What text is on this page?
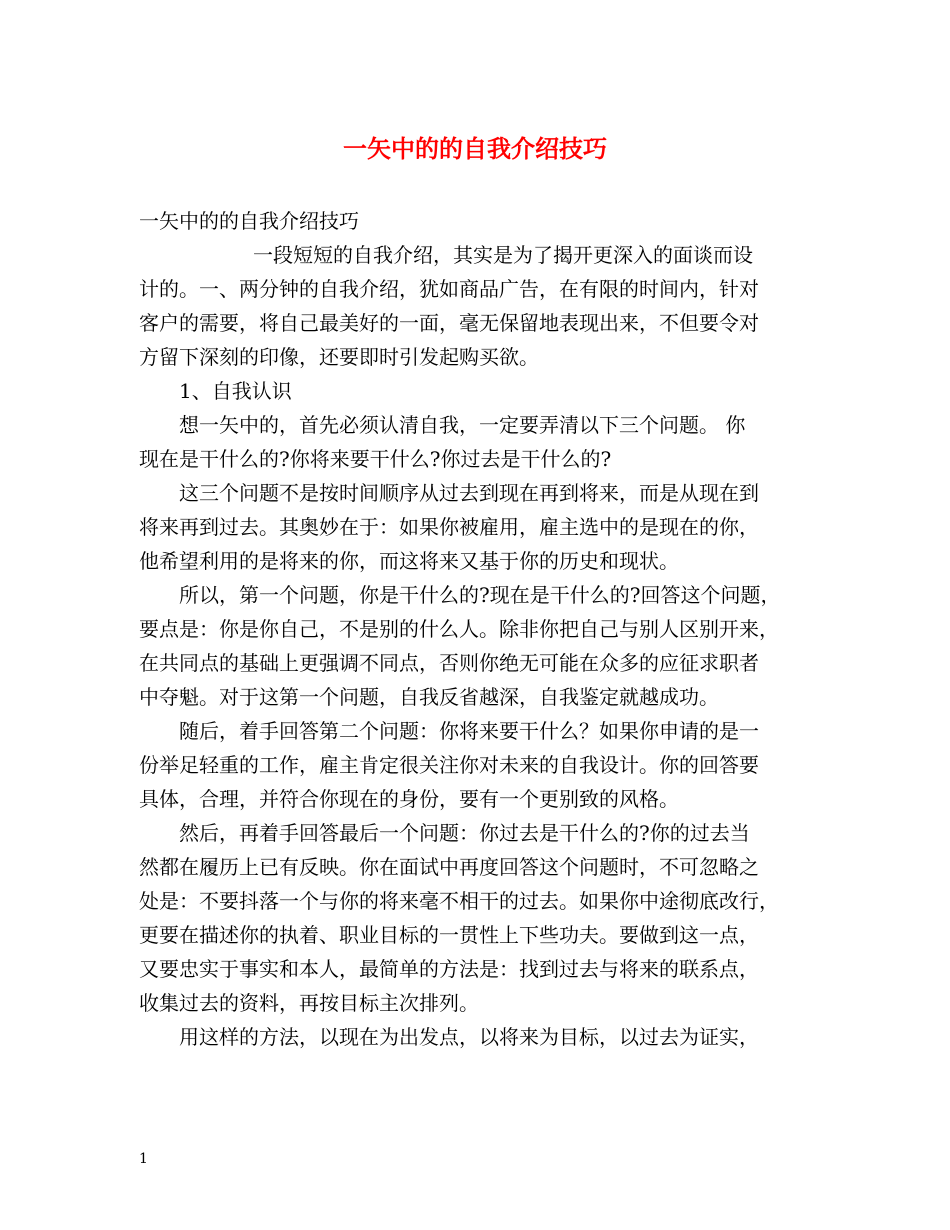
一矢中的的自我介绍技巧
一矢中的的自我介绍技巧
一段短短的自我介绍，其实是为了揭开更深入的面谈而设
计的。一、两分钟的自我介绍，犹如商品广告，在有限的时间内，针对
客户的需要，将自己最美好的一面，毫无保留地表现出来，不但要令对
方留下深刻的印像，还要即时引发起购买欲。
1、自我认识
想一矢中的，首先必须认清自我，一定要弄清以下三个问题。 你
现在是干什么的?你将来要干什么?你过去是干什么的?
这三个问题不是按时间顺序从过去到现在再到将来，而是从现在到
将来再到过去。其奥妙在于：如果你被雇用，雇主选中的是现在的你，
他希望利用的是将来的你，而这将来又基于你的历史和现状。
所以，第一个问题，你是干什么的?现在是干什么的?回答这个问题，
要点是：你是你自己，不是别的什么人。除非你把自己与别人区别开来，
在共同点的基础上更强调不同点，否则你绝无可能在众多的应征求职者
中夺魁。对于这第一个问题，自我反省越深，自我鉴定就越成功。
随后，着手回答第二个问题：你将来要干什么？如果你申请的是一
份举足轻重的工作，雇主肯定很关注你对未来的自我设计。你的回答要
具体，合理，并符合你现在的身份，要有一个更别致的风格。
然后，再着手回答最后一个问题：你过去是干什么的?你的过去当
然都在履历上已有反映。你在面试中再度回答这个问题时，不可忽略之
处是：不要抖落一个与你的将来毫不相干的过去。如果你中途彻底改行，
更要在描述你的执着、职业目标的一贯性上下些功夫。要做到这一点，
又要忠实于事实和本人，最简单的方法是：找到过去与将来的联系点，
收集过去的资料，再按目标主次排列。
用这样的方法，以现在为出发点，以将来为目标，以过去为证实，
1
